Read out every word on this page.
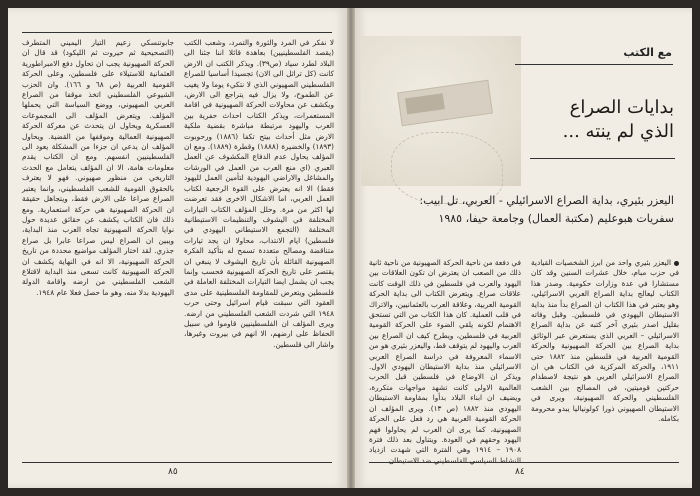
لا نفكر في المرد والثورة والتمرد، وشعب الكتب (يقصد الفلسطينيين) بعاهدة قائلا اننا جئنا الى البلاد لطرد سياد (ص٣٩). ويذكر الكتب ان الارض كانت (كل تراثل الى الان) تجسيدا أساسيا للصراع الفلسطيني الصهيوني الذي لا نتكيء يوما ولا يغيب عن الطموح، ولا يزال فيه يتراجع الى الارض، ويكشف عن محاولات الحركة الصهيونية في اقامة المستعمرات، ويذكر الكتاب احداث حفرية بين العرب واليهود مرتبطة مباشرة بقضية ملكية الارض مثل أحداث بيتح تكفا (١٨٨٦) ورحوبوت (١٨٩٣) والخضيرة (١٨٨٨) وقطرة (١٨٨٩). ومع ان المؤلف يحاول عدم الدفاع المكشوف عن العمل العبري (اي منع العرب من العمل في الورشات والمشاغل والاراضي اليهودية لتأمين العمل لليهود فقط) الا انه يعترض على القوة الرجعية لكتاب العمل العربي، اما الاشكال الاخرى فقد تعرضت لها اكثر من مرة. وحلل المؤلف الكتاب التيارات المختلفة في اليشوف والتنظيمات الاستيطانية المختلفة (التجمع الاستيطاني اليهودي في فلسطين) ايام الانتداب، محاولا ان يجد تيارات متناقضة ومصالح متعددة تسمح له بتأكيد الفكرة الصهيونية القائلة بأن تاريخ اليشوف لا ينبغي ان يقتصر على تاريخ الحركة الصهيونية فحسب وإنما يجب ان يشمل ايضا التيارات المختلفة العاملة في فلسطين ويتعرض للمقاومة الفلسطينية على مدى العقود التي سبقت قيام اسرائيل وحتى حرب ١٩٤٨ التي شردت الشعب الفلسطيني من ارضه. ويرى المؤلف ان الفلسطينيين قاوموا في سبيل الحفاظ على ارضهم، الا انهم في بيروت وغيرها، واشار الى قلسطين.

جابوتنسكي زعيم التيار اليميني المتطرف (التصحيحية ثم حيروت ثم الليكود) قد قال ان الحركة الصهيونية يجب ان تحاول دفع الامبراطورية العثمانية للاستيلاء على فلسطين، وعلى الحركة القومية العربية (ص ٦٨ و ١٦٦). وان الحزب الشيوعي الفلسطيني اتخذ موقفا من الصراع العربي الصهيوني، ووضع السياسة التي يحملها المؤلف. ويتعرض المؤلف الى المجموعات العسكرية ويحاول ان يتحدث عن معركة الحركة الصهيونية العمالية وموقفها من القضية. ويحاول المؤلف ان يدعي ان جزءا من المشكلة يعود الى الفلسطينيين انفسهم. ومع ان الكتاب يقدم معلومات هامة، الا ان المؤلف يتعامل مع الحدث التاريخي من منظور صهيوني. فهو لا يعترف بالحقوق القومية للشعب الفلسطيني، وانما يعتبر الصراع صراعا على الارض فقط، ويتجاهل حقيقة ان الحركة الصهيونية هي حركة استعمارية. ومع ذلك فان الكتاب يكشف عن حقائق عديدة حول نوايا الحركة الصهيونية تجاه العرب منذ البداية، ويبين ان الصراع ليس صراعا عابرا بل صراع جذري. لقد اختار المؤلف مواضيع محددة من تاريخ الحركة الصهيونية، الا انه في النهاية يكشف ان الحركة الصهيونية كانت تسعى منذ البداية لاقتلاع الشعب الفلسطيني من ارضه واقامة الدولة اليهودية بدلا منه، وهو ما حصل فعلا عام ١٩٤٨.

٨٥
مع الكتب
بدايات الصراع
الذي لم ينته ...
اليعزر بئيري، بداية الصراع الاسرائيلي - العربي، تل ابيب: سفريات هبوعليم (مكتبة العمال) وجامعة حيفا، ١٩٨٥

اليعزر بئيري واحد من ابرز الشخصيات القيادية في حزب مبام، خلال عشرات السنين وقد كان مستشارا في عدة وزارات حكومية. وصدر هذا الكتاب ليعالج بداية الصراع العربي الاسرائيلي، وهو يعتبر في هذا الكتاب ان الصراع بدأ منذ بداية الاستيطان اليهودي في فلسطين. وقبل وفاته بقليل اصدر بئيري آخر كتبه عن بداية الصراع الاسرائيلي – العربي الذي يستعرض عبر الوثائق بداية الصراع بين الحركة الصهيونية والحركة القومية العربية في فلسطين منذ ١٨٨٢ حتى ١٩١١، والحركة المركزية في الكتاب هي ان الصراع الاسرائيلي العربي هو نتيجة لاصطدام حركتين قوميتين، في المصالح بين الشعب الفلسطيني والحركة الصهيونية، ويرى في الاستيطان الصهيوني ذورا كولونياليا يبدو محرومة بكامله.

في دفعة من ناحية الحركة الصهيونية من ناحية ثانية ذلك من الصعب ان يعترض ان تكون العلاقات بين اليهود والعرب في فلسطين في ذلك الوقت كانت علاقات صراع. ويتعرض الكتاب الى بداية الحركة القومية العربية، وعلاقة العرب بالعثمانيين، والاتراك في قلب العملية. كان هذا الكتاب من التي تستحق الاهتمام لكونه يلقي الضوء على الحركة القومية العربية في فلسطين، ويطرح كيف ان الصراع بين العرب واليهود لم يتوقف قط، واليعزر بئيري هو من الاسماء المعروفة في دراسة الصراع العربي الاسرائيلي منذ بداية الاستيطان اليهودي الاول. ويذكر ان الاوضاع في فلسطين قبل الحرب العالمية الاولى كانت تشهد مواجهات متكررة، ويضيف ان ابناء البلاد بدأوا بمقاومة الاستيطان اليهودي منذ ١٨٨٢ (ص ١٣). ويرى المؤلف ان الحركة القومية العربية هي رد فعل على الحركة الصهيونية، كما يرى ان العرب لم يحاولوا فهم اليهود وحقهم في العودة. ويتناول بعد ذلك فترة ١٩٠٨ – ١٩١٤ وهي الفترة التي شهدت ازدياد النشاط السياسي الفلسطيني ضد الاستيطان.

٨٤
